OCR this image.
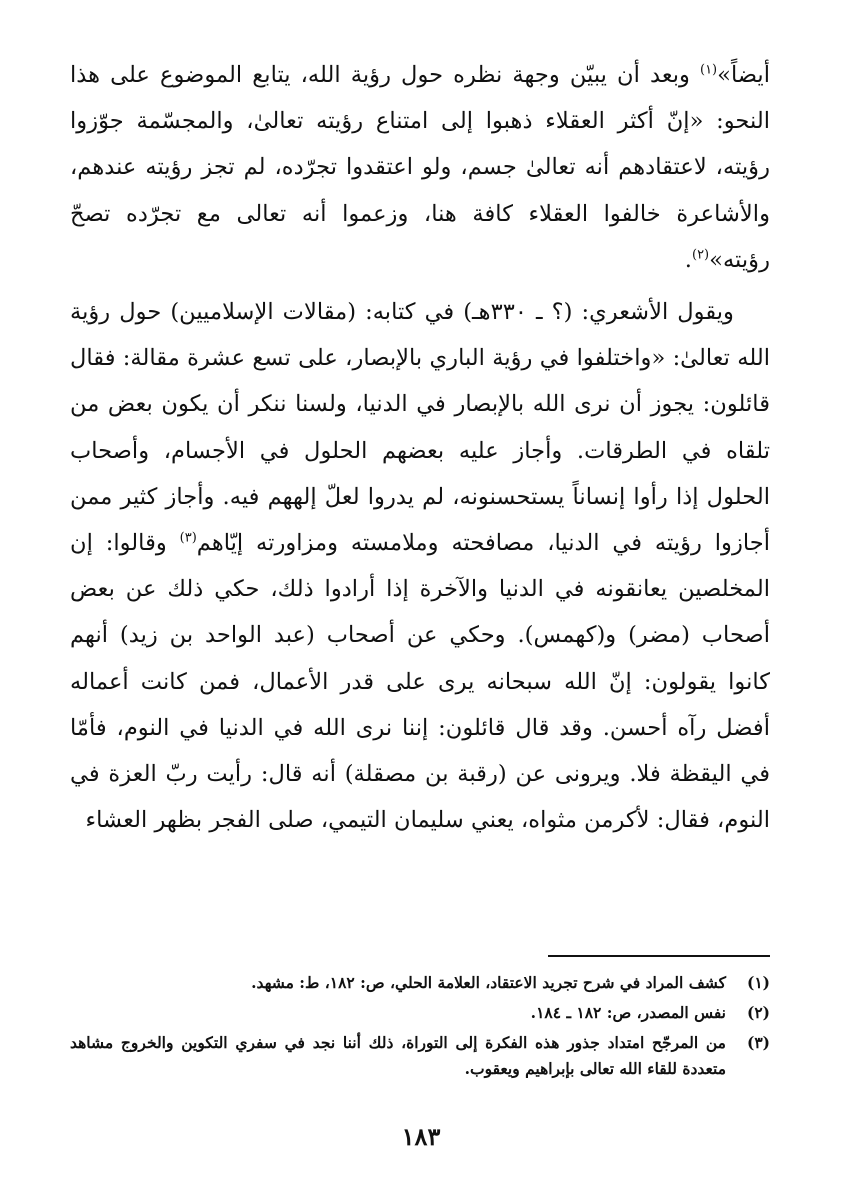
أيضاً»$^{(١)}$ وبعد أن يبيّن وجهة نظره حول رؤية الله، يتابع الموضوع على هذا النحو: «إنّ أكثر العقلاء ذهبوا إلى امتناع رؤيته تعالىٰ، والمجسّمة جوّزوا رؤيته، لاعتقادهم أنه تعالىٰ جسم، ولو اعتقدوا تجرّده، لم تجز رؤيته عندهم، والأشاعرة خالفوا العقلاء كافة هنا، وزعموا أنه تعالى مع تجرّده تصحّ رؤيته»$^{(٢)}$.

ويقول الأشعري: (؟ ـ ٣٣٠هـ) في كتابه: (مقالات الإسلاميين) حول رؤية الله تعالىٰ: «واختلفوا في رؤية الباري بالإبصار، على تسع عشرة مقالة: فقال قائلون: يجوز أن نرى الله بالإبصار في الدنيا، ولسنا ننكر أن يكون بعض من تلقاه في الطرقات. وأجاز عليه بعضهم الحلول في الأجسام، وأصحاب الحلول إذا رأوا إنساناً يستحسنونه، لم يدروا لعلّ إلههم فيه. وأجاز كثير ممن أجازوا رؤيته في الدنيا، مصافحته وملامسته ومزاورته إيّاهم$^{(٣)}$ وقالوا: إن المخلصين يعانقونه في الدنيا والآخرة إذا أرادوا ذلك، حكي ذلك عن بعض أصحاب (مضر) و(كهمس). وحكي عن أصحاب (عبد الواحد بن زيد) أنهم كانوا يقولون: إنّ الله سبحانه يرى على قدر الأعمال، فمن كانت أعماله أفضل رآه أحسن. وقد قال قائلون: إننا نرى الله في الدنيا في النوم، فأمّا في اليقظة فلا. ويرونى عن (رقبة بن مصقلة) أنه قال: رأيت ربّ العزة في النوم، فقال: لأكرمن مثواه، يعني سليمان التيمي، صلى الفجر بظهر العشاء

(١)
كشف المراد في شرح تجريد الاعتقاد، العلامة الحلي، ص: ١٨٢، ط: مشهد.
(٢)
نفس المصدر، ص: ١٨٢ ـ ١٨٤.
(٣)
من المرجّح امتداد جذور هذه الفكرة إلى التوراة، ذلك أننا نجد في سفري التكوين والخروج مشاهد متعددة للقاء الله تعالى بإبراهيم ويعقوب.
١٨٣
